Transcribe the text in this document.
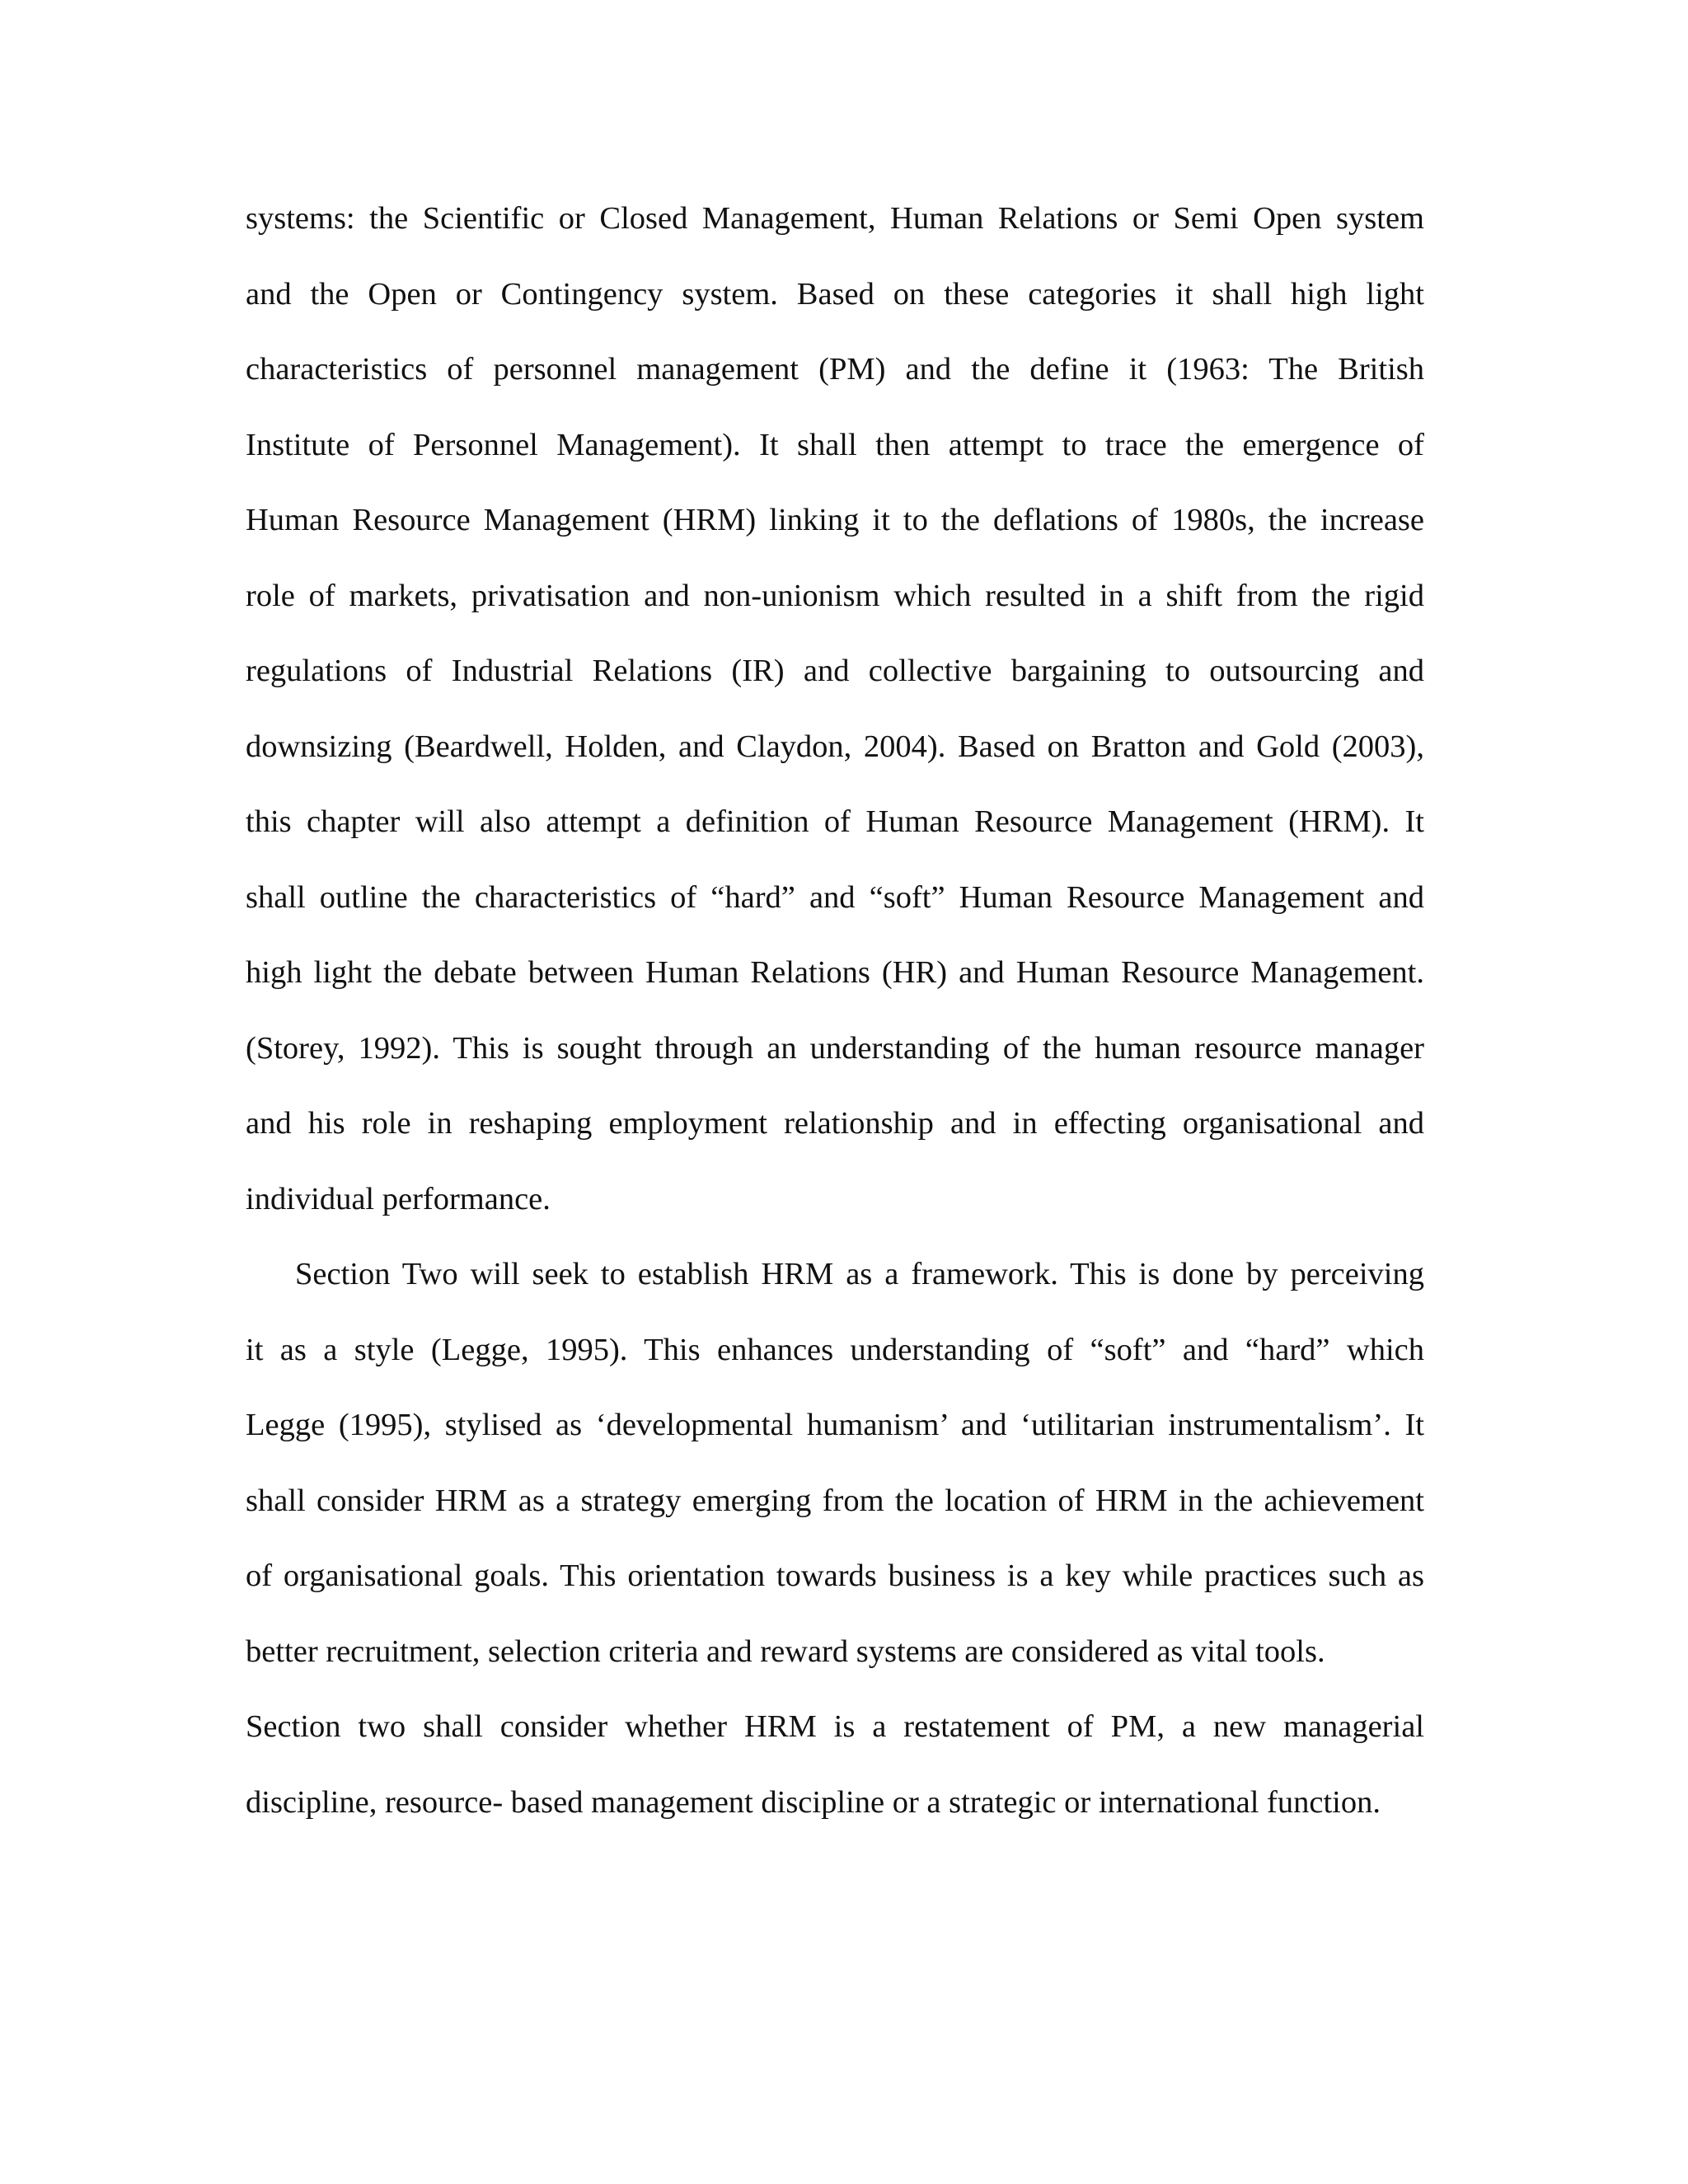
systems: the Scientific or Closed Management, Human Relations or Semi Open system
and the Open or Contingency system. Based on these categories it shall high light
characteristics of personnel management (PM) and the define it (1963: The British
Institute of Personnel Management). It shall then attempt to trace the emergence of
Human Resource Management (HRM) linking it to the deflations of 1980s, the increase
role of markets, privatisation and non-unionism which resulted in a shift from the rigid
regulations of Industrial Relations (IR) and collective bargaining to outsourcing and
downsizing (Beardwell, Holden, and Claydon, 2004). Based on Bratton and Gold (2003),
this chapter will also attempt a definition of Human Resource Management (HRM). It
shall outline the characteristics of “hard” and “soft” Human Resource Management and
high light the debate between Human Relations (HR) and Human Resource Management.
(Storey, 1992). This is sought through an understanding of the human resource manager
and his role in reshaping employment relationship and in effecting organisational and
individual performance.
Section Two will seek to establish HRM as a framework. This is done by perceiving
it as a style (Legge, 1995). This enhances understanding of “soft” and “hard” which
Legge (1995), stylised as ‘developmental humanism’ and ‘utilitarian instrumentalism’. It
shall consider HRM as a strategy emerging from the location of HRM in the achievement
of organisational goals. This orientation towards business is a key while practices such as
better recruitment, selection criteria and reward systems are considered as vital tools.
Section two shall consider whether HRM is a restatement of PM, a new managerial
discipline, resource- based management discipline or a strategic or international function.
